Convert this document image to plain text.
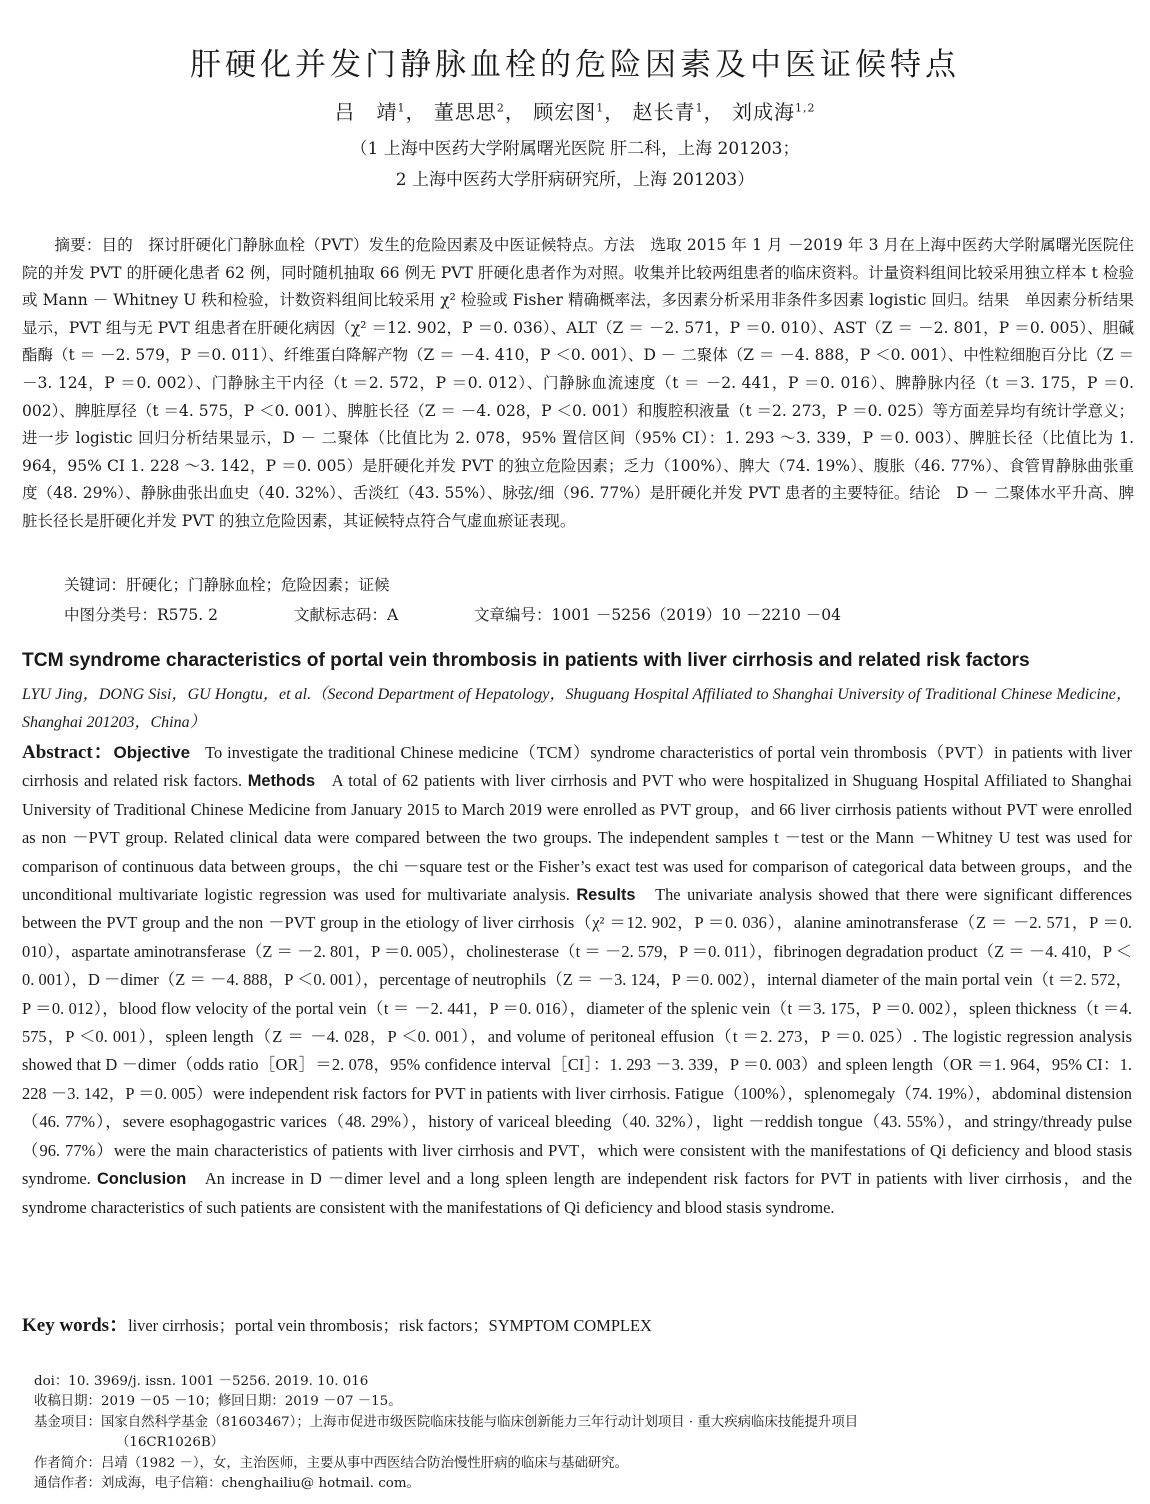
肝硬化并发门静脉血栓的危险因素及中医证候特点
吕　靖$^1$， 董思思$^2$， 顾宏图$^1$， 赵长青$^1$， 刘成海$^{1,2}$
（1 上海中医药大学附属曙光医院 肝二科，上海 201203；
2 上海中医药大学肝病研究所，上海 201203）

摘要：目的　 探讨肝硬化门静脉血栓（PVT）发生的危险因素及中医证候特点。方法　 选取 2015 年 1 月 －2019 年 3 月在上海中医药大学附属曙光医院住院的并发 PVT 的肝硬化患者 62 例，同时随机抽取 66 例无 PVT 肝硬化患者作为对照。收集并比较两组患者的临床资料。计量资料组间比较采用独立样本 t 检验或 Mann － Whitney U 秩和检验，计数资料组间比较采用 χ² 检验或 Fisher 精确概率法，多因素分析采用非条件多因素 logistic 回归。结果　 单因素分析结果显示，PVT 组与无 PVT 组患者在肝硬化病因（χ² ＝12. 902，P ＝0. 036）、ALT（Z ＝ －2. 571，P ＝0. 010）、AST（Z ＝ －2. 801，P ＝0. 005）、胆碱酯酶（t ＝ －2. 579，P ＝0. 011）、纤维蛋白降解产物（Z ＝ －4. 410，P ＜0. 001）、D － 二聚体（Z ＝ －4. 888，P ＜0. 001）、中性粒细胞百分比（Z ＝ －3. 124，P ＝0. 002）、门静脉主干内径（t ＝2. 572，P ＝0. 012）、门静脉血流速度（t ＝ －2. 441，P ＝0. 016）、脾静脉内径（t ＝3. 175，P ＝0. 002）、脾脏厚径（t ＝4. 575，P ＜0. 001）、脾脏长径（Z ＝ －4. 028，P ＜0. 001）和腹腔积液量（t ＝2. 273，P ＝0. 025）等方面差异均有统计学意义；进一步 logistic 回归分析结果显示，D － 二聚体（比值比为 2. 078，95% 置信区间（95% CI）：1. 293 ～3. 339，P ＝0. 003）、脾脏长径（比值比为 1. 964，95% CI 1. 228 ～3. 142，P ＝0. 005）是肝硬化并发 PVT 的独立危险因素；乏力（100%）、脾大（74. 19%）、腹胀（46. 77%）、食管胃静脉曲张重度（48. 29%）、静脉曲张出血史（40. 32%）、舌淡红（43. 55%）、脉弦/细（96. 77%）是肝硬化并发 PVT 患者的主要特征。结论　 D － 二聚体水平升高、脾脏长径长是肝硬化并发 PVT 的独立危险因素，其证候特点符合气虚血瘀证表现。

关键词：肝硬化；门静脉血栓；危险因素；证候
中图分类号：R575. 2	文献标志码：A	文章编号：1001 －5256（2019）10 －2210 －04
TCM syndrome characteristics of portal vein thrombosis in patients with liver cirrhosis and related risk factors

LYU Jing，DONG Sisi，GU Hongtu，et al.（Second Department of Hepatology，Shuguang Hospital Affiliated to Shanghai University of Traditional Chinese Medicine，Shanghai 201203，China）

Abstract：Objective To investigate the traditional Chinese medicine（TCM）syndrome characteristics of portal vein thrombosis（PVT）in patients with liver cirrhosis and related risk factors. Methods A total of 62 patients with liver cirrhosis and PVT who were hospitalized in Shuguang Hospital Affiliated to Shanghai University of Traditional Chinese Medicine from January 2015 to March 2019 were enrolled as PVT group，and 66 liver cirrhosis patients without PVT were enrolled as non －PVT group. Related clinical data were compared between the two groups. The independent samples t －test or the Mann －Whitney U test was used for comparison of continuous data between groups，the chi －square test or the Fisher’s exact test was used for comparison of categorical data between groups，and the unconditional multivariate logistic regression was used for multivariate analysis. Results The univariate analysis showed that there were significant differences between the PVT group and the non －PVT group in the etiology of liver cirrhosis（χ² ＝12. 902，P ＝0. 036），alanine aminotransferase（Z ＝ －2. 571，P ＝0. 010），aspartate aminotransferase（Z ＝ －2. 801，P ＝0. 005），cholinesterase（t ＝ －2. 579，P ＝0. 011），fibrinogen degradation product（Z ＝ －4. 410，P ＜0. 001），D －dimer（Z ＝ －4. 888，P ＜0. 001），percentage of neutrophils（Z ＝ －3. 124，P ＝0. 002），internal diameter of the main portal vein（t ＝2. 572，P ＝0. 012），blood flow velocity of the portal vein（t ＝ －2. 441，P ＝0. 016），diameter of the splenic vein（t ＝3. 175，P ＝0. 002），spleen thickness（t ＝4. 575，P ＜0. 001），spleen length（Z ＝ －4. 028，P ＜0. 001），and volume of peritoneal effusion（t ＝2. 273，P ＝0. 025）. The logistic regression analysis showed that D －dimer（odds ratio［OR］＝2. 078，95% confidence interval［CI］：1. 293 －3. 339，P ＝0. 003）and spleen length（OR ＝1. 964，95% CI：1. 228 －3. 142，P ＝0. 005）were independent risk factors for PVT in patients with liver cirrhosis. Fatigue（100%），splenomegaly（74. 19%），abdominal distension（46. 77%），severe esophagogastric varices（48. 29%），history of variceal bleeding（40. 32%），light －reddish tongue（43. 55%），and stringy/thready pulse（96. 77%）were the main characteristics of patients with liver cirrhosis and PVT，which were consistent with the manifestations of Qi deficiency and blood stasis syndrome. Conclusion An increase in D －dimer level and a long spleen length are independent risk factors for PVT in patients with liver cirrhosis，and the syndrome characteristics of such patients are consistent with the manifestations of Qi deficiency and blood stasis syndrome.

Key words：liver cirrhosis；portal vein thrombosis；risk factors；SYMPTOM COMPLEX

doi：10. 3969/j. issn. 1001 －5256. 2019. 10. 016
收稿日期：2019 －05 －10；修回日期：2019 －07 －15。
基金项目： 国家自然科学基金（81603467）；上海市促进市级医院临床技能与临床创新能力三年行动计划项目 · 重大疾病临床技能提升项目
（16CR1026B）
作者简介： 吕靖（1982 －），女，主治医师，主要从事中西医结合防治慢性肝病的临床与基础研究。
通信作者： 刘成海，电子信箱：chenghailiu@ hotmail. com。
